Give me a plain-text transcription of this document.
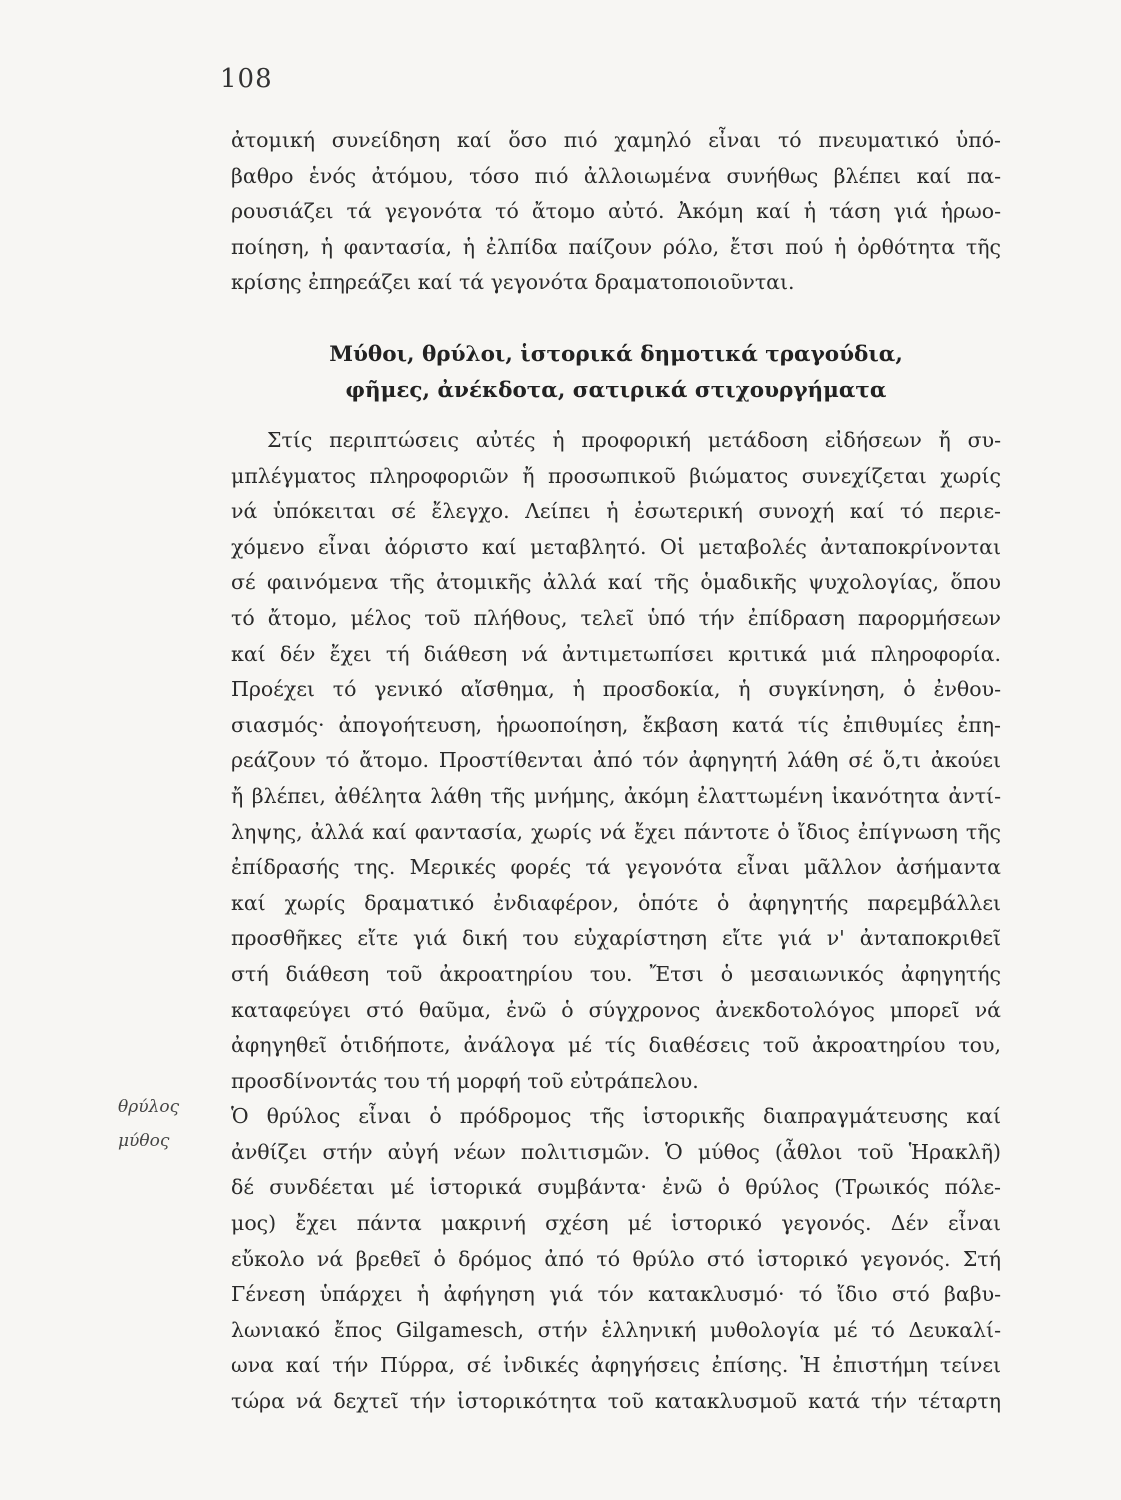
108
ἀτομική συνείδηση καί ὅσο πιό χαμηλό εἶναι τό πνευματικό ὑπό-
βαθρο ἑνός ἀτόμου, τόσο πιό ἀλλοιωμένα συνήθως βλέπει καί πα-
ρουσιάζει τά γεγονότα τό ἄτομο αὐτό. Ἀκόμη καί ἡ τάση γιά ἡρωο-
ποίηση, ἡ φαντασία, ἡ ἐλπίδα παίζουν ρόλο, ἔτσι πού ἡ ὀρθότητα τῆς
κρίσης ἐπηρεάζει καί τά γεγονότα δραματοποιοῦνται.
Μύθοι, θρύλοι, ἱστορικά δημοτικά τραγούδια,
φῆμες, ἀνέκδοτα, σατιρικά στιχουργήματα
Στίς περιπτώσεις αὐτές ἡ προφορική μετάδοση εἰδήσεων ἤ συ-
μπλέγματος πληροφοριῶν ἤ προσωπικοῦ βιώματος συνεχίζεται χωρίς
νά ὑπόκειται σέ ἔλεγχο. Λείπει ἡ ἐσωτερική συνοχή καί τό περιε-
χόμενο εἶναι ἀόριστο καί μεταβλητό. Οἱ μεταβολές ἀνταποκρίνονται
σέ φαινόμενα τῆς ἀτομικῆς ἀλλά καί τῆς ὁμαδικῆς ψυχολογίας, ὅπου
τό ἄτομο, μέλος τοῦ πλήθους, τελεῖ ὑπό τήν ἐπίδραση παρορμήσεων
καί δέν ἔχει τή διάθεση νά ἀντιμετωπίσει κριτικά μιά πληροφορία.
Προέχει τό γενικό αἴσθημα, ἡ προσδοκία, ἡ συγκίνηση, ὁ ἐνθου-
σιασμός· ἀπογοήτευση, ἡρωοποίηση, ἔκβαση κατά τίς ἐπιθυμίες ἐπη-
ρεάζουν τό ἄτομο. Προστίθενται ἀπό τόν ἀφηγητή λάθη σέ ὅ,τι ἀκούει
ἤ βλέπει, ἀθέλητα λάθη τῆς μνήμης, ἀκόμη ἐλαττωμένη ἱκανότητα ἀντί-
ληψης, ἀλλά καί φαντασία, χωρίς νά ἔχει πάντοτε ὁ ἴδιος ἐπίγνωση τῆς
ἐπίδρασής της. Μερικές φορές τά γεγονότα εἶναι μᾶλλον ἀσήμαντα
καί χωρίς δραματικό ἐνδιαφέρον, ὁπότε ὁ ἀφηγητής παρεμβάλλει
προσθῆκες εἴτε γιά δική του εὐχαρίστηση εἴτε γιά ν' ἀνταποκριθεῖ
στή διάθεση τοῦ ἀκροατηρίου του. Ἔτσι ὁ μεσαιωνικός ἀφηγητής
καταφεύγει στό θαῦμα, ἐνῶ ὁ σύγχρονος ἀνεκδοτολόγος μπορεῖ νά
ἀφηγηθεῖ ὁτιδήποτε, ἀνάλογα μέ τίς διαθέσεις τοῦ ἀκροατηρίου του,
προσδίνοντάς του τή μορφή τοῦ εὐτράπελου.
Ὁ θρύλος εἶναι ὁ πρόδρομος τῆς ἱστορικῆς διαπραγμάτευσης καί
ἀνθίζει στήν αὐγή νέων πολιτισμῶν. Ὁ μύθος (ἆθλοι τοῦ Ἡρακλῆ)
δέ συνδέεται μέ ἱστορικά συμβάντα· ἐνῶ ὁ θρύλος (Τρωικός πόλε-
μος) ἔχει πάντα μακρινή σχέση μέ ἱστορικό γεγονός. Δέν εἶναι
εὔκολο νά βρεθεῖ ὁ δρόμος ἀπό τό θρύλο στό ἱστορικό γεγονός. Στή
Γένεση ὑπάρχει ἡ ἀφήγηση γιά τόν κατακλυσμό· τό ἴδιο στό βαβυ-
λωνιακό ἔπος Gilgamesch, στήν ἑλληνική μυθολογία μέ τό Δευκαλί-
ωνα καί τήν Πύρρα, σέ ἰνδικές ἀφηγήσεις ἐπίσης. Ἡ ἐπιστήμη τείνει
τώρα νά δεχτεῖ τήν ἱστορικότητα τοῦ κατακλυσμοῦ κατά τήν τέταρτη
θρύλος
μύθος
